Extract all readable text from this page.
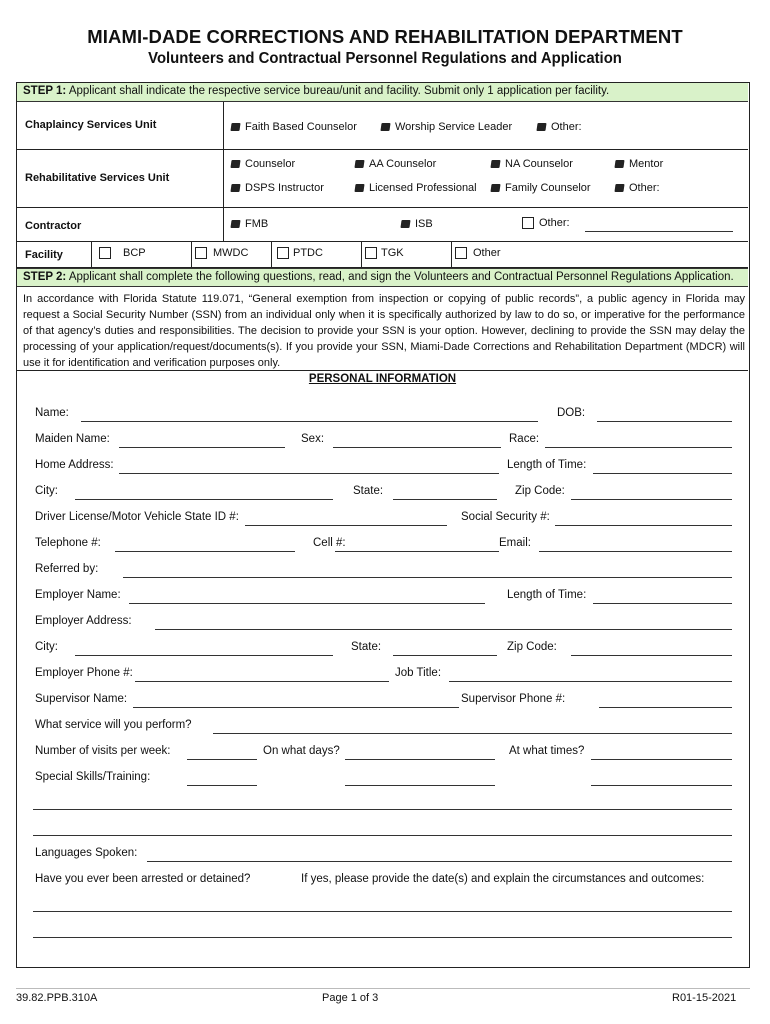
MIAMI-DADE CORRECTIONS AND REHABILITATION DEPARTMENT
Volunteers and Contractual Personnel Regulations and Application
STEP 1: Applicant shall indicate the respective service bureau/unit and facility. Submit only 1 application per facility.
Chaplaincy Services Unit	Faith Based Counselor	Worship Service Leader	Other:
Rehabilitative Services Unit
Counselor	AA Counselor	NA Counselor	Mentor
DSPS Instructor	Licensed Professional	Family Counselor	Other:
Contractor	FMB	ISB	Other:
Facility	BCP	MWDC	PTDC	TGK	Other
STEP 2: Applicant shall complete the following questions, read, and sign the Volunteers and Contractual Personnel Regulations Application.
In accordance with Florida Statute 119.071, “General exemption from inspection or copying of public records”, a public agency in Florida may request a Social Security Number (SSN) from an individual only when it is specifically authorized by law to do so, or imperative for the performance of that agency’s duties and responsibilities. The decision to provide your SSN is your option. However, declining to provide the SSN may delay the processing of your application/request/documents(s). If you provide your SSN, Miami-Dade Corrections and Rehabilitation Department (MDCR) will use it for identification and verification purposes only.
PERSONAL INFORMATION
Name:	DOB:
Maiden Name:	Sex:	Race:
Home Address:	Length of Time:
City:	State:	Zip Code:
Driver License/Motor Vehicle State ID #:	Social Security #:
Telephone #:	Cell #:	Email:
Referred by:
Employer Name:	Length of Time:
Employer Address:
City:	State:	Zip Code:
Employer Phone #:	Job Title:
Supervisor Name:	Supervisor Phone #:
What service will you perform?
Number of visits per week:	On what days?	At what times?
Special Skills/Training:
Languages Spoken:
Have you ever been arrested or detained?	If yes, please provide the date(s) and explain the circumstances and outcomes:
39.82.PPB.310A	Page 1 of 3	R01-15-2021
